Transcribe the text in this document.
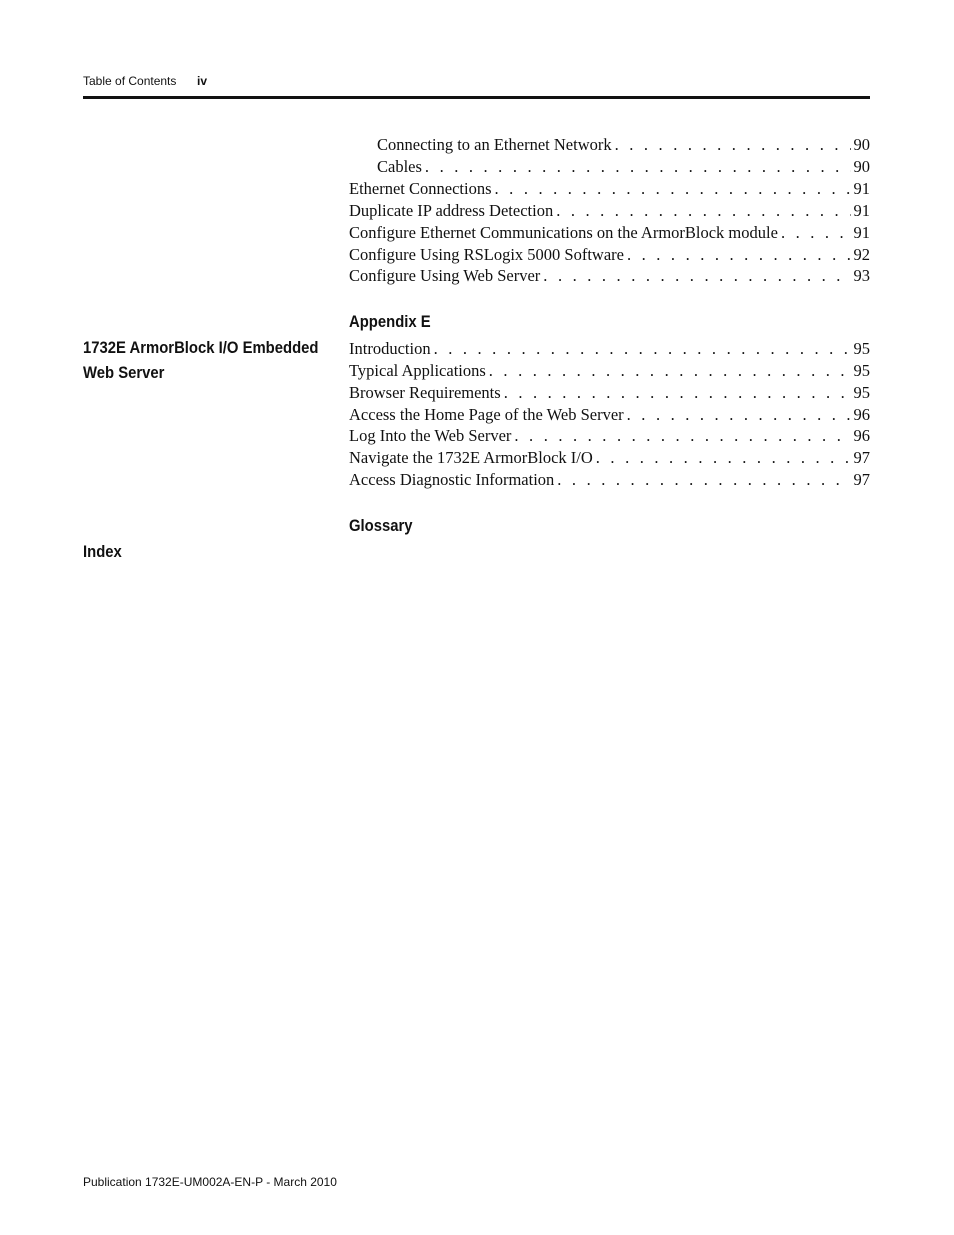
Table of Contents iv
Connecting to an Ethernet Network . . .	90
Cables . . .	90
Ethernet Connections . . .	91
Duplicate IP address Detection . . .	91
Configure Ethernet Communications on the ArmorBlock module . . .	91
Configure Using RSLogix 5000 Software . . .	92
Configure Using Web Server . . .	93
Appendix E
1732E ArmorBlock I/O Embedded Web Server
Introduction . . .	95
Typical Applications . . .	95
Browser Requirements . . .	95
Access the Home Page of the Web Server . . .	96
Log Into the Web Server . . .	96
Navigate the 1732E ArmorBlock I/O . . .	97
Access Diagnostic Information . . .	97
Glossary
Index
Publication 1732E-UM002A-EN-P - March 2010
